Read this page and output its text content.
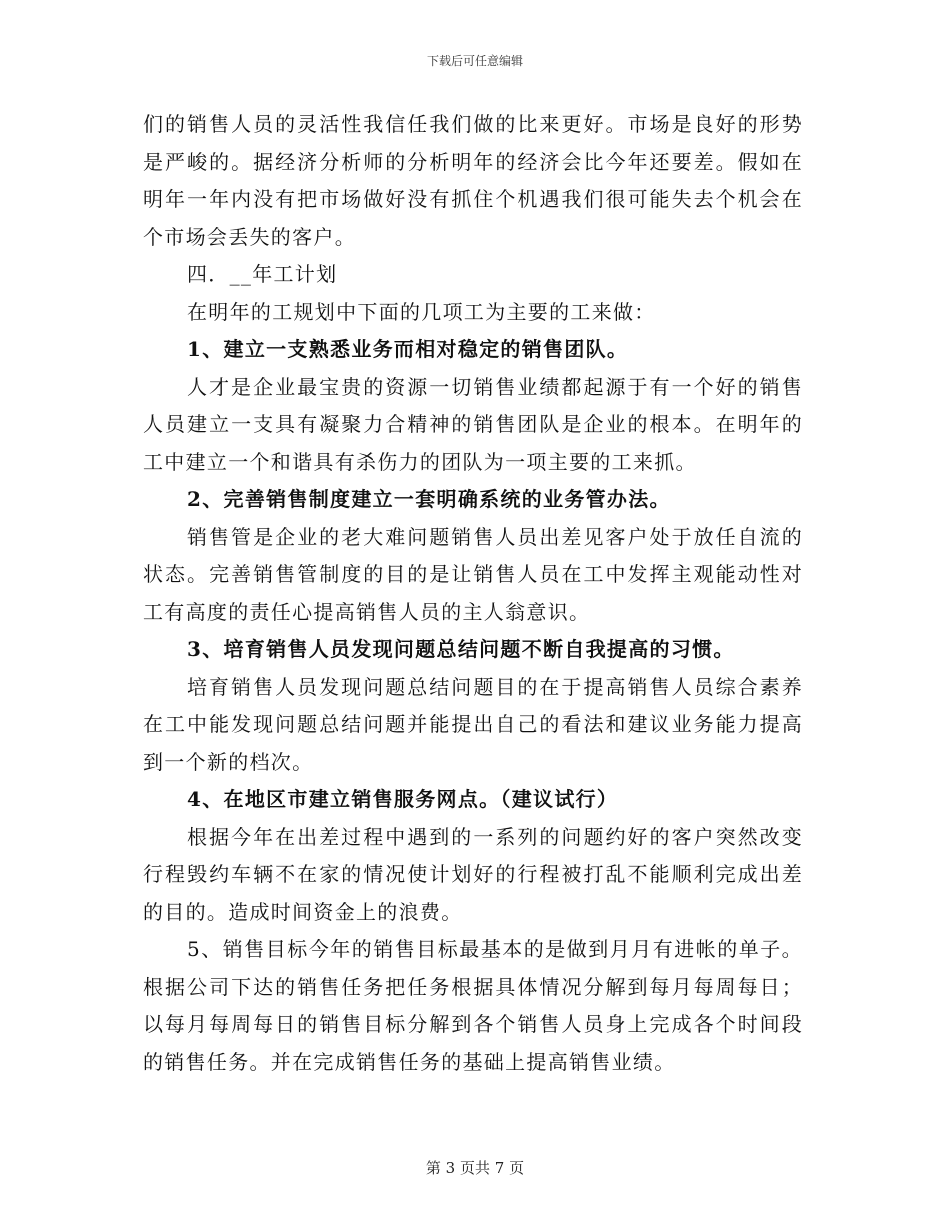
下载后可任意编辑

们的销售人员的灵活性我信任我们做的比来更好。市场是良好的形势是严峻的。据经济分析师的分析明年的经济会比今年还要差。假如在明年一年内没有把市场做好没有抓住个机遇我们很可能失去个机会在个市场会丢失的客户。

四．__年工计划

在明年的工规划中下面的几项工为主要的工来做：

1、建立一支熟悉业务而相对稳定的销售团队。

人才是企业最宝贵的资源一切销售业绩都起源于有一个好的销售人员建立一支具有凝聚力合精神的销售团队是企业的根本。在明年的工中建立一个和谐具有杀伤力的团队为一项主要的工来抓。

2、完善销售制度建立一套明确系统的业务管办法。

销售管是企业的老大难问题销售人员出差见客户处于放任自流的状态。完善销售管制度的目的是让销售人员在工中发挥主观能动性对工有高度的责任心提高销售人员的主人翁意识。

3、培育销售人员发现问题总结问题不断自我提高的习惯。

培育销售人员发现问题总结问题目的在于提高销售人员综合素养在工中能发现问题总结问题并能提出自己的看法和建议业务能力提高到一个新的档次。

4、在地区市建立销售服务网点。（建议试行）

根据今年在出差过程中遇到的一系列的问题约好的客户突然改变行程毁约车辆不在家的情况使计划好的行程被打乱不能顺利完成出差的目的。造成时间资金上的浪费。

5、销售目标今年的销售目标最基本的是做到月月有进帐的单子。根据公司下达的销售任务把任务根据具体情况分解到每月每周每日；以每月每周每日的销售目标分解到各个销售人员身上完成各个时间段的销售任务。并在完成销售任务的基础上提高销售业绩。

第 3 页共 7 页
